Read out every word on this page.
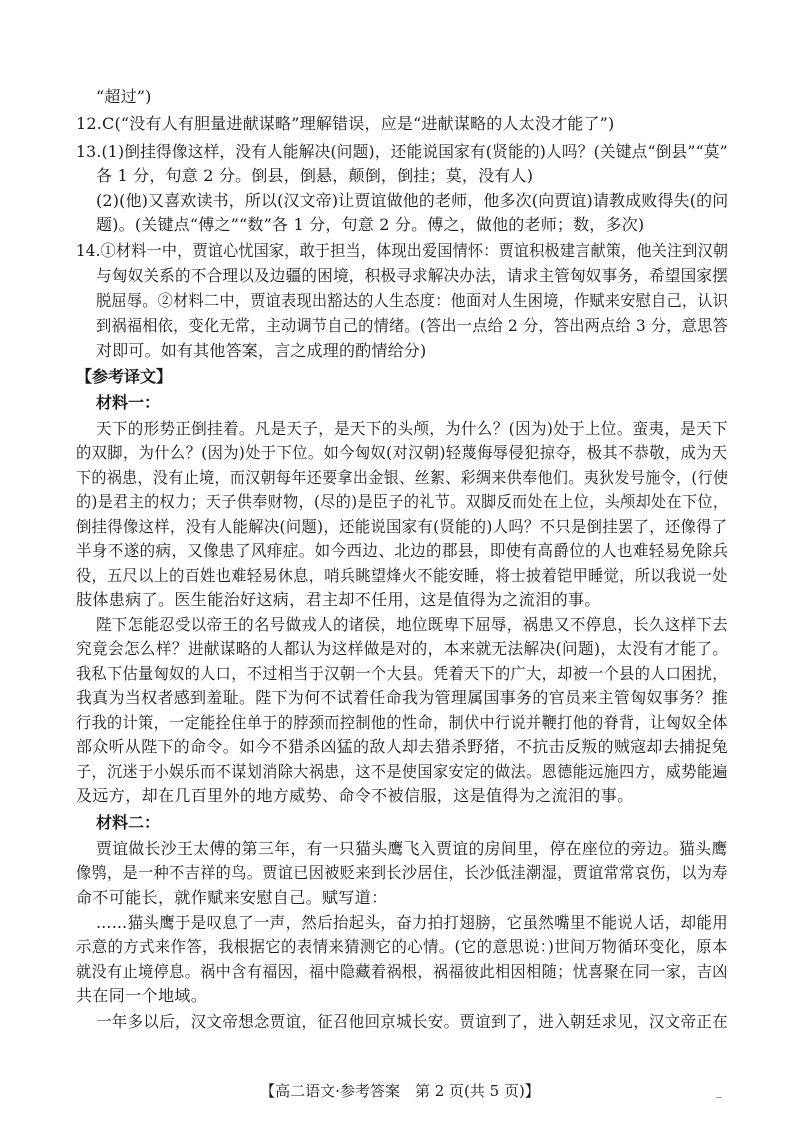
“超过”)
12.C(“没有人有胆量进献谋略”理解错误，应是“进献谋略的人太没才能了”)
13.(1)倒挂得像这样，没有人能解决(问题)，还能说国家有(贤能的)人吗？(关键点“倒县”“莫”
各 1 分，句意 2 分。倒县，倒悬，颠倒，倒挂；莫，没有人)
(2)(他)又喜欢读书，所以(汉文帝)让贾谊做他的老师，他多次(向贾谊)请教成败得失(的问
题)。(关键点“傅之”“数”各 1 分，句意 2 分。傅之，做他的老师；数，多次)
14.①材料一中，贾谊心忧国家，敢于担当，体现出爱国情怀：贾谊积极建言献策，他关注到汉朝
与匈奴关系的不合理以及边疆的困境，积极寻求解决办法，请求主管匈奴事务，希望国家摆
脱屈辱。②材料二中，贾谊表现出豁达的人生态度：他面对人生困境，作赋来安慰自己，认识
到祸福相依，变化无常，主动调节自己的情绪。(答出一点给 2 分，答出两点给 3 分，意思答
对即可。如有其他答案，言之成理的酌情给分)
【参考译文】
材料一：
天下的形势正倒挂着。凡是天子，是天下的头颅，为什么？(因为)处于上位。蛮夷，是天下
的双脚，为什么？(因为)处于下位。如今匈奴(对汉朝)轻蔑侮辱侵犯掠夺，极其不恭敬，成为天
下的祸患，没有止境，而汉朝每年还要拿出金银、丝絮、彩绸来供奉他们。夷狄发号施令，(行使
的)是君主的权力；天子供奉财物，(尽的)是臣子的礼节。双脚反而处在上位，头颅却处在下位，
倒挂得像这样，没有人能解决(问题)，还能说国家有(贤能的)人吗？不只是倒挂罢了，还像得了
半身不遂的病，又像患了风痱症。如今西边、北边的郡县，即使有高爵位的人也难轻易免除兵
役，五尺以上的百姓也难轻易休息，哨兵眺望烽火不能安睡，将士披着铠甲睡觉，所以我说一处
肢体患病了。医生能治好这病，君主却不任用，这是值得为之流泪的事。
陛下怎能忍受以帝王的名号做戎人的诸侯，地位既卑下屈辱，祸患又不停息，长久这样下去
究竟会怎么样？进献谋略的人都认为这样做是对的，本来就无法解决(问题)，太没有才能了。
我私下估量匈奴的人口，不过相当于汉朝一个大县。凭着天下的广大，却被一个县的人口困扰，
我真为当权者感到羞耻。陛下为何不试着任命我为管理属国事务的官员来主管匈奴事务？推
行我的计策，一定能拴住单于的脖颈而控制他的性命，制伏中行说并鞭打他的脊背，让匈奴全体
部众听从陛下的命令。如今不猎杀凶猛的敌人却去猎杀野猪，不抗击反叛的贼寇却去捕捉兔
子，沉迷于小娱乐而不谋划消除大祸患，这不是使国家安定的做法。恩德能远施四方，威势能遍
及远方，却在几百里外的地方威势、命令不被信服，这是值得为之流泪的事。
材料二：
贾谊做长沙王太傅的第三年，有一只猫头鹰飞入贾谊的房间里，停在座位的旁边。猫头鹰
像鸮，是一种不吉祥的鸟。贾谊已因被贬来到长沙居住，长沙低洼潮湿，贾谊常常哀伤，以为寿
命不可能长，就作赋来安慰自己。赋写道：
……猫头鹰于是叹息了一声，然后抬起头，奋力拍打翅膀，它虽然嘴里不能说人话，却能用
示意的方式来作答，我根据它的表情来猜测它的心情。(它的意思说：)世间万物循环变化，原本
就没有止境停息。祸中含有福因，福中隐藏着祸根，祸福彼此相因相随；忧喜聚在同一家，吉凶
共在同一个地域。
一年多以后，汉文帝想念贾谊，征召他回京城长安。贾谊到了，进入朝廷求见，汉文帝正在
【高二语文·参考答案　第 2 页(共 5 页)】	–
